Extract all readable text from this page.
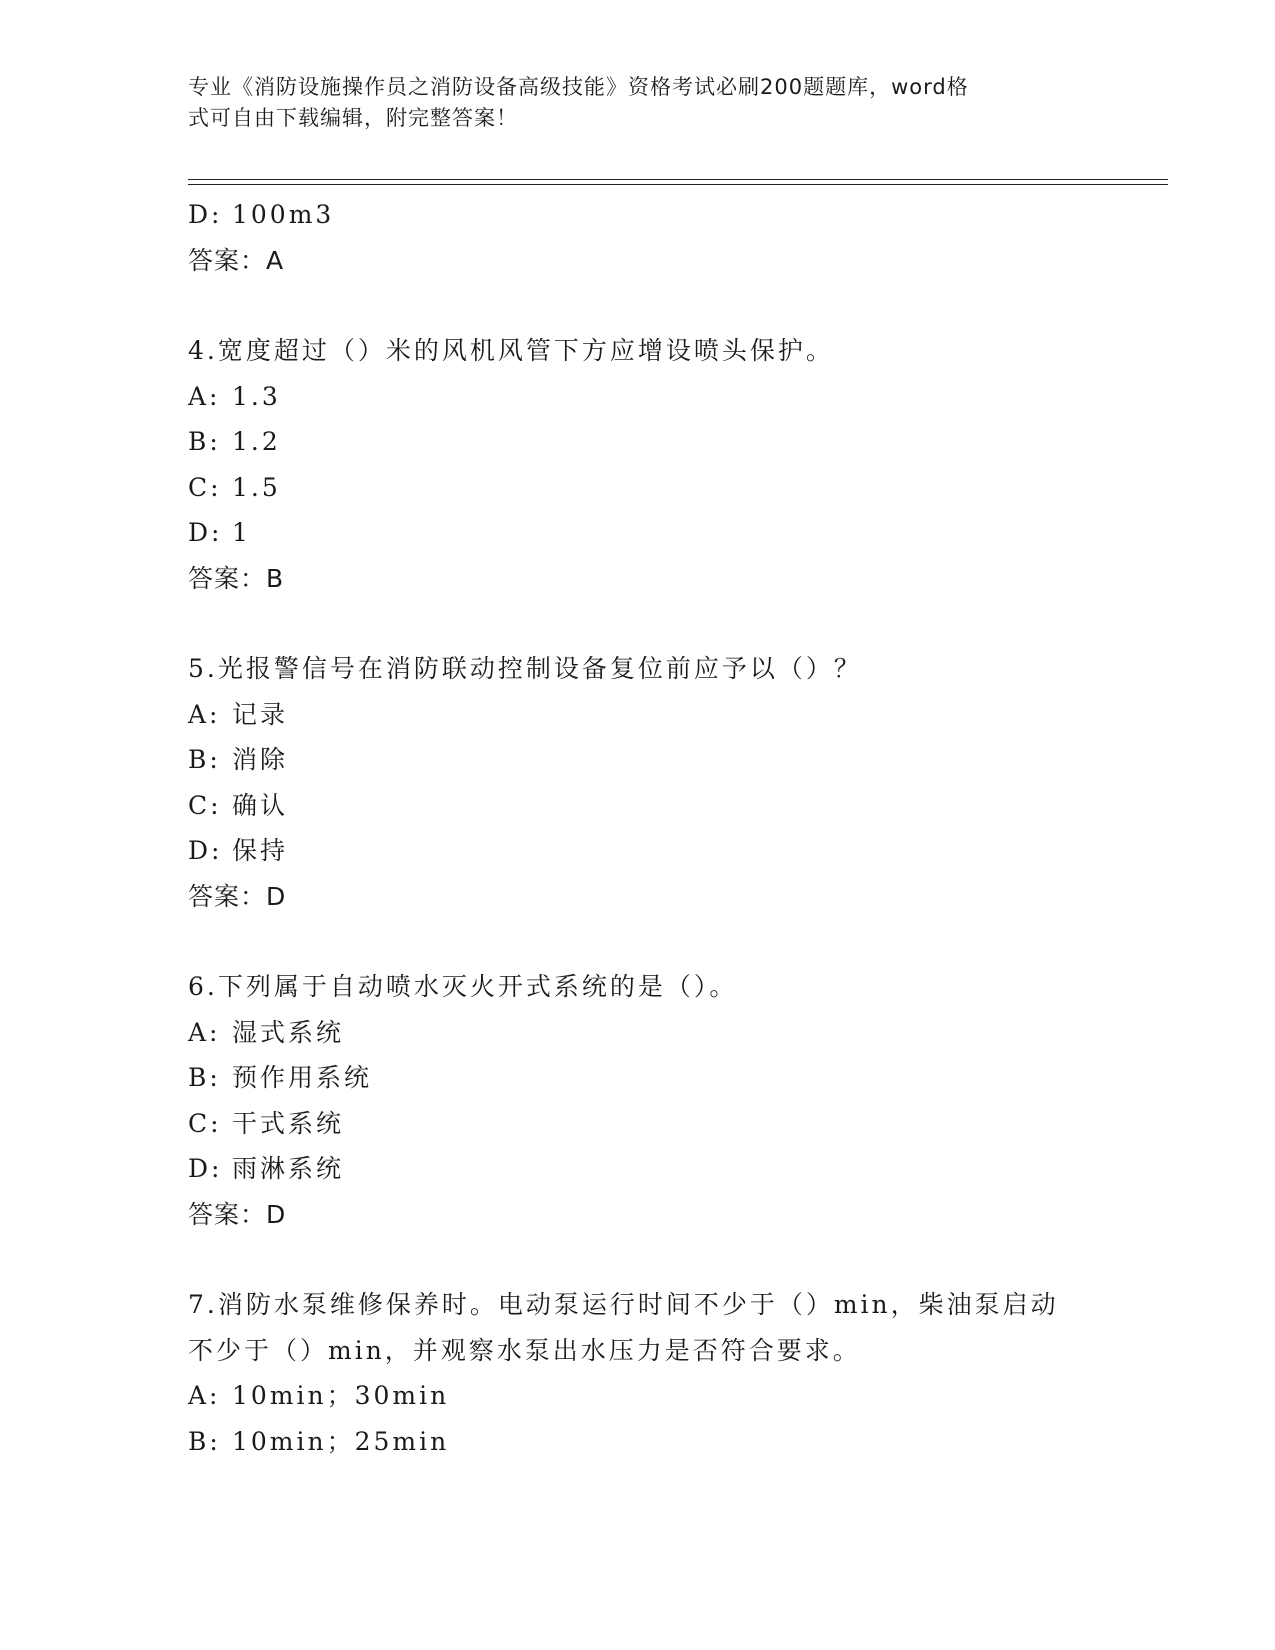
专业《消防设施操作员之消防设备高级技能》资格考试必刷200题题库，word格
式可自由下载编辑，附完整答案！
D: 100m3
答案：A
4.宽度超过（）米的风机风管下方应增设喷头保护。
A: 1.3
B: 1.2
C: 1.5
D: 1
答案：B
5.光报警信号在消防联动控制设备复位前应予以（）？
A: 记录
B: 消除
C: 确认
D: 保持
答案：D
6.下列属于自动喷水灭火开式系统的是（）。
A: 湿式系统
B: 预作用系统
C: 干式系统
D: 雨淋系统
答案：D
7.消防水泵维修保养时。电动泵运行时间不少于（）min，柴油泵启动
不少于（）min，并观察水泵出水压力是否符合要求。
A: 10min；30min
B: 10min；25min
